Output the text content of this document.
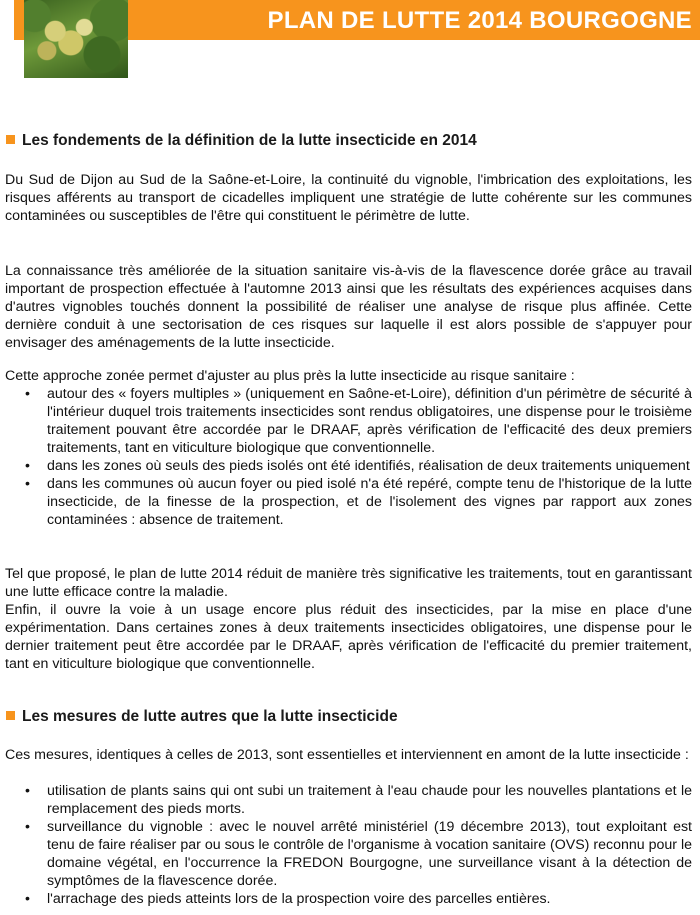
PLAN DE LUTTE 2014 BOURGOGNE
Les fondements de la définition de la lutte insecticide en 2014

Du Sud de Dijon au Sud de la Saône-et-Loire, la continuité du vignoble, l'imbrication des exploitations, les risques afférents au transport de cicadelles impliquent une stratégie de lutte cohérente sur les communes contaminées ou susceptibles de l'être qui constituent le périmètre de lutte.

La connaissance très améliorée de la situation sanitaire vis-à-vis de la flavescence dorée grâce au travail important de prospection effectuée à l'automne 2013 ainsi que les résultats des expériences acquises dans d'autres vignobles touchés donnent la possibilité de réaliser une analyse de risque plus affinée. Cette dernière conduit à une sectorisation de ces risques sur laquelle il est alors possible de s'appuyer pour envisager des aménagements de la lutte insecticide.

Cette approche zonée permet d'ajuster au plus près la lutte insecticide au risque sanitaire :

• autour des « foyers multiples » (uniquement en Saône-et-Loire), définition d'un périmètre de sécurité à l'intérieur duquel trois traitements insecticides sont rendus obligatoires, une dispense pour le troisième traitement pouvant être accordée par le DRAAF, après vérification de l'efficacité des deux premiers traitements, tant en viticulture biologique que conventionnelle.
• dans les zones où seuls des pieds isolés ont été identifiés, réalisation de deux traitements uniquement
• dans les communes où aucun foyer ou pied isolé n'a été repéré, compte tenu de l'historique de la lutte insecticide, de la finesse de la prospection, et de l'isolement des vignes par rapport aux zones contaminées : absence de traitement.

Tel que proposé, le plan de lutte 2014 réduit de manière très significative les traitements, tout en garantissant une lutte efficace contre la maladie.

Enfin, il ouvre la voie à un usage encore plus réduit des insecticides, par la mise en place d'une expérimentation. Dans certaines zones à deux traitements insecticides obligatoires, une dispense pour le dernier traitement peut être accordée par le DRAAF, après vérification de l'efficacité du premier traitement, tant en viticulture biologique que conventionnelle.

Les mesures de lutte autres que la lutte insecticide

Ces mesures, identiques à celles de 2013, sont essentielles et interviennent en amont de la lutte insecticide :

• utilisation de plants sains qui ont subi un traitement à l'eau chaude pour les nouvelles plantations et le remplacement des pieds morts.
• surveillance du vignoble : avec le nouvel arrêté ministériel (19 décembre 2013), tout exploitant est tenu de faire réaliser par ou sous le contrôle de l'organisme à vocation sanitaire (OVS) reconnu pour le domaine végétal, en l'occurrence la FREDON Bourgogne, une surveillance visant à la détection de symptômes de la flavescence dorée.
• l'arrachage des pieds atteints lors de la prospection voire des parcelles entières.
